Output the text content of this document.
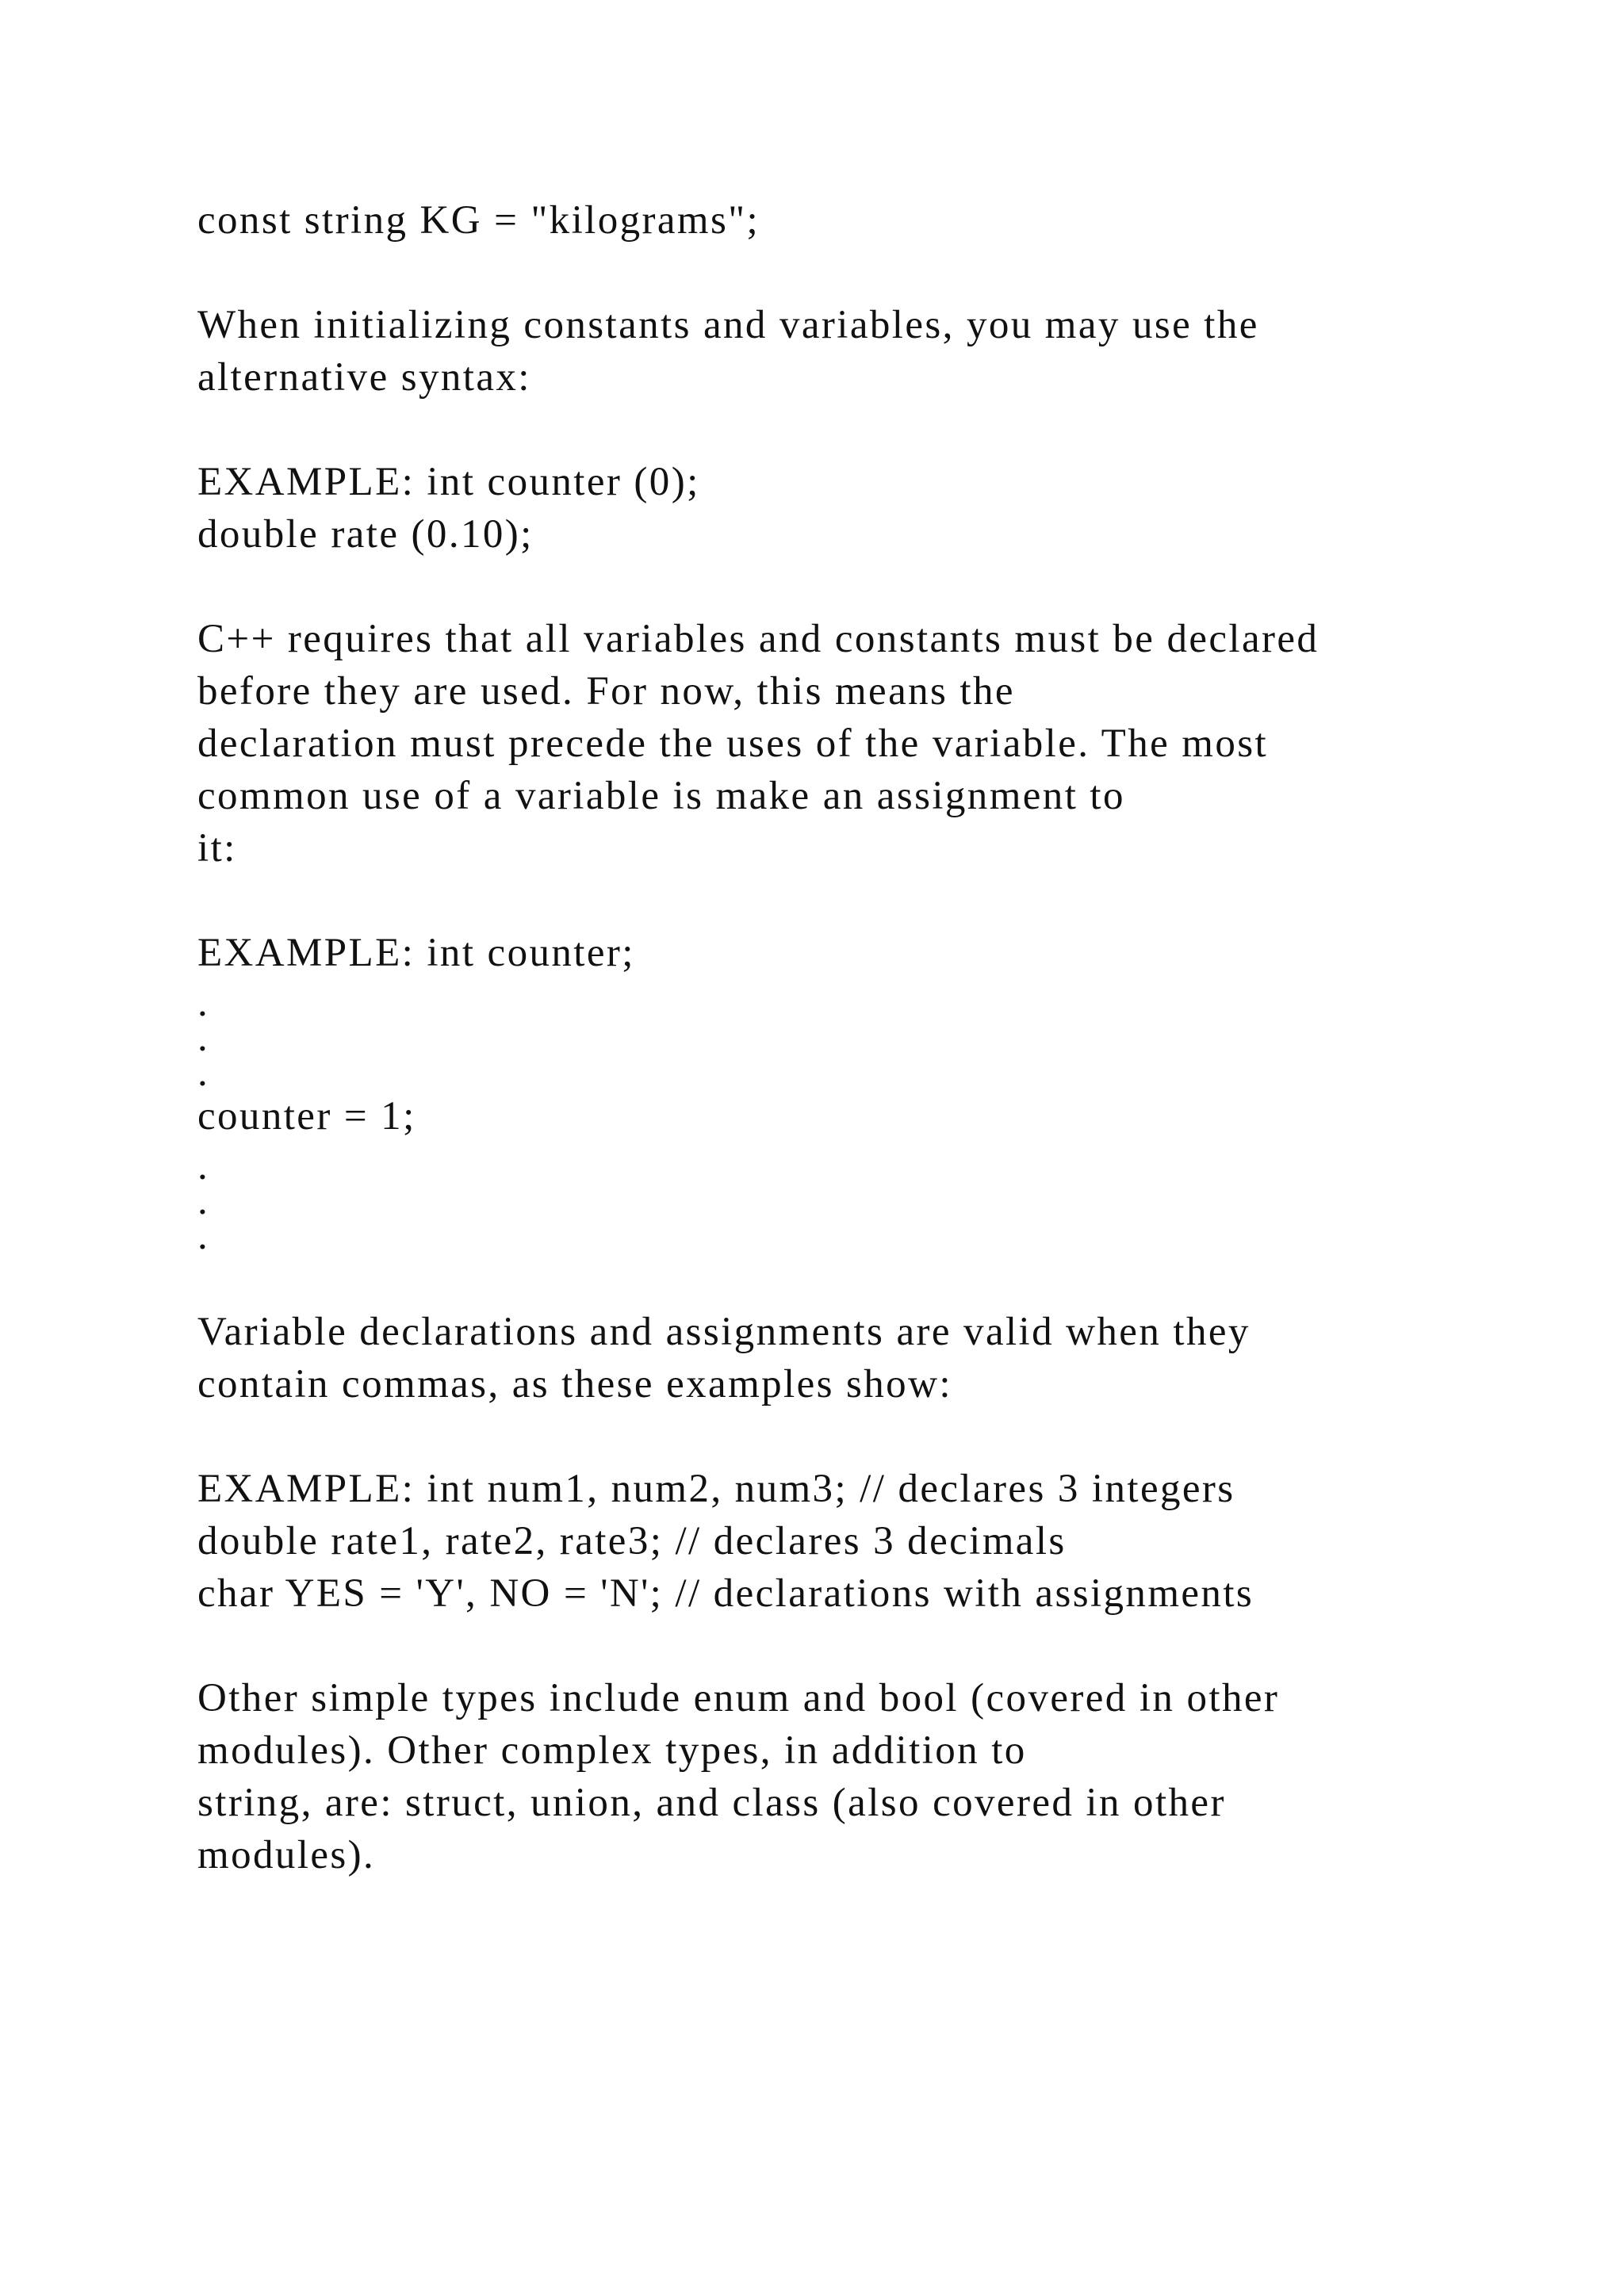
const string KG = "kilograms";
When initializing constants and variables, you may use the
alternative syntax:
EXAMPLE: int counter (0);
double rate (0.10);
C++ requires that all variables and constants must be declared
before they are used. For now, this means the
declaration must precede the uses of the variable. The most
common use of a variable is make an assignment to
it:
EXAMPLE: int counter;
.
.
.
counter = 1;
.
.
.
Variable declarations and assignments are valid when they
contain commas, as these examples show:
EXAMPLE: int num1, num2, num3; // declares 3 integers
double rate1, rate2, rate3; // declares 3 decimals
char YES = 'Y', NO = 'N'; // declarations with assignments
Other simple types include enum and bool (covered in other
modules). Other complex types, in addition to
string, are: struct, union, and class (also covered in other
modules).
